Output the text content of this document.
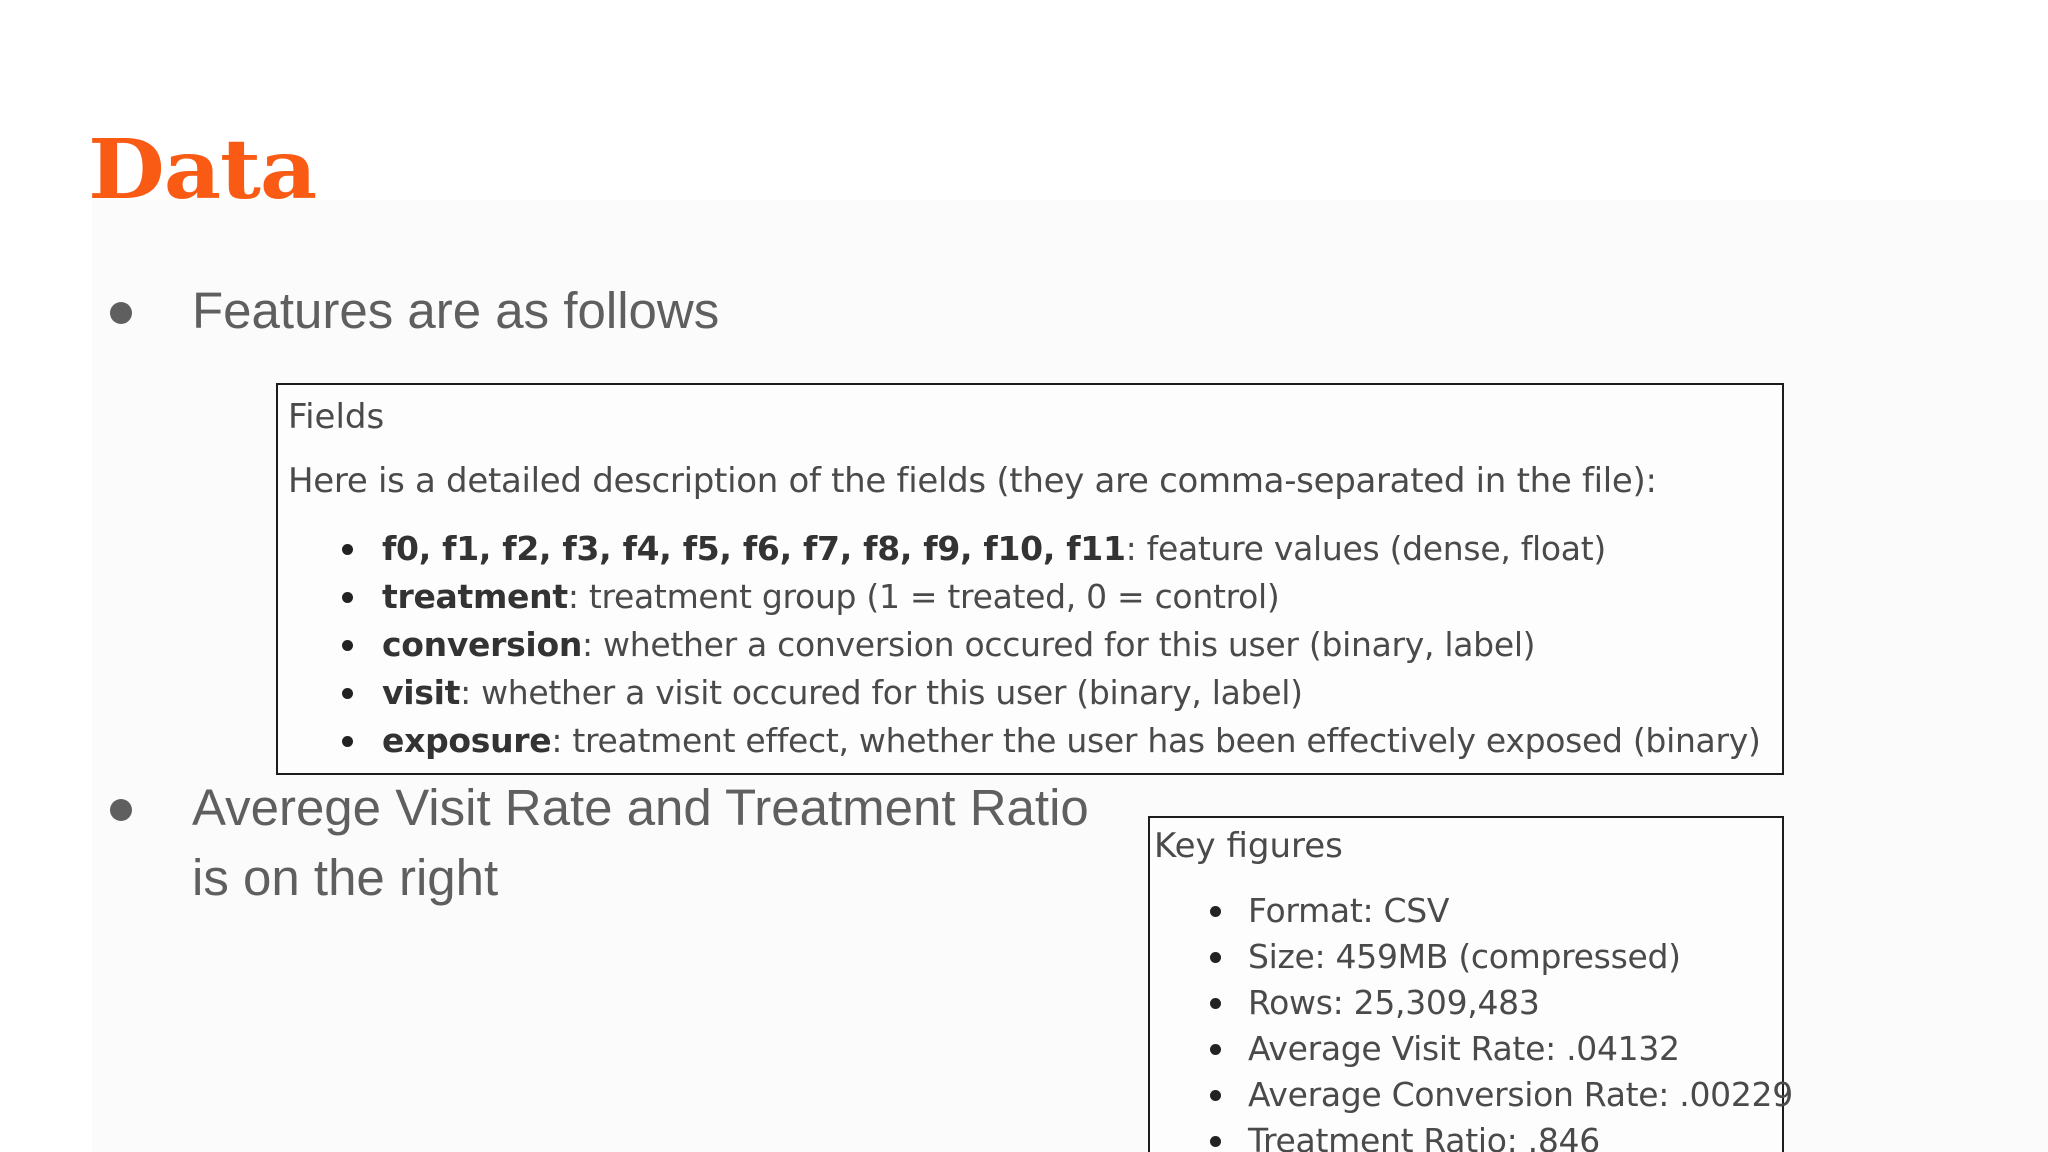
Data
Features are as follows
Fields
Here is a detailed description of the fields (they are comma-separated in the file):
f0, f1, f2, f3, f4, f5, f6, f7, f8, f9, f10, f11: feature values (dense, float)
treatment: treatment group (1 = treated, 0 = control)
conversion: whether a conversion occured for this user (binary, label)
visit: whether a visit occured for this user (binary, label)
exposure: treatment effect, whether the user has been effectively exposed (binary)
Averege Visit Rate and Treatment Ratio
is on the right
Key figures
Format: CSV
Size: 459MB (compressed)
Rows: 25,309,483
Average Visit Rate: .04132
Average Conversion Rate: .00229
Treatment Ratio: .846
